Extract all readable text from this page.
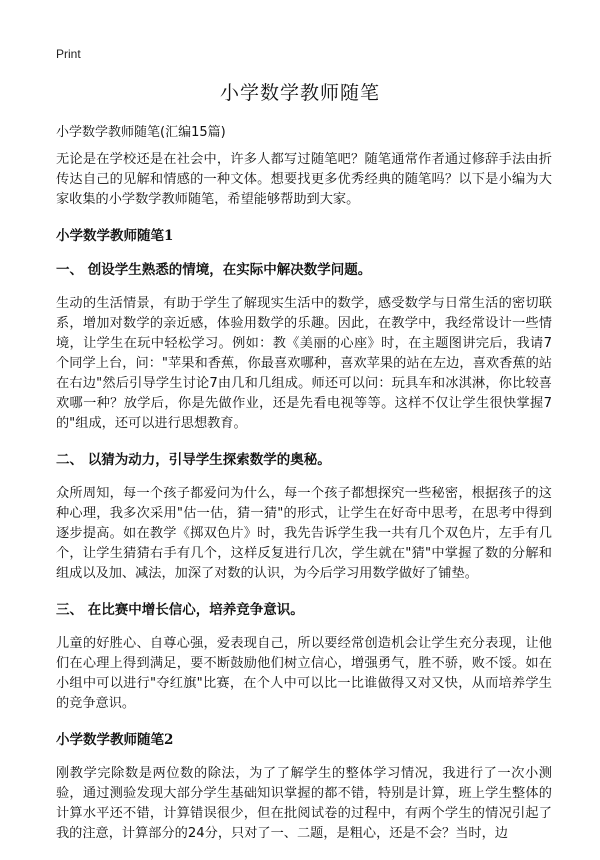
Print
小学数学教师随笔

小学数学教师随笔(汇编15篇)

无论是在学校还是在社会中，许多人都写过随笔吧？随笔通常作者通过修辞手法由折传达自己的见解和情感的一种文体。想要找更多优秀经典的随笔吗？以下是小编为大家收集的小学数学教师随笔，希望能够帮助到大家。

小学数学教师随笔1
一、 创设学生熟悉的情境，在实际中解决数学问题。

生动的生活情景，有助于学生了解现实生活中的数学，感受数学与日常生活的密切联系，增加对数学的亲近感，体验用数学的乐趣。因此，在教学中，我经常设计一些情境，让学生在玩中轻松学习。例如：教《美丽的心座》时，在主题图讲完后，我请7个同学上台，问："苹果和香蕉，你最喜欢哪种，喜欢苹果的站在左边，喜欢香蕉的站在右边"然后引导学生讨论7由几和几组成。师还可以问：玩具车和冰淇淋，你比较喜欢哪一种？放学后，你是先做作业，还是先看电视等等。这样不仅让学生很快掌握7的"组成，还可以进行思想教育。

二、 以猜为动力，引导学生探索数学的奥秘。

众所周知，每一个孩子都爱问为什么，每一个孩子都想探究一些秘密，根据孩子的这种心理，我多次采用"估一估，猜一猜"的形式，让学生在好奇中思考，在思考中得到逐步提高。如在教学《掷双色片》时，我先告诉学生我一共有几个双色片，左手有几个，让学生猜猜右手有几个，这样反复进行几次，学生就在"猜"中掌握了数的分解和组成以及加、减法，加深了对数的认识，为今后学习用数学做好了铺垫。

三、 在比赛中增长信心，培养竞争意识。

儿童的好胜心、自尊心强，爱表现自己，所以要经常创造机会让学生充分表现，让他们在心理上得到满足，要不断鼓励他们树立信心，增强勇气，胜不骄，败不馁。如在小组中可以进行"夺红旗"比赛，在个人中可以比一比谁做得又对又快，从而培养学生的竞争意识。

小学数学教师随笔2

刚教学完除数是两位数的除法，为了了解学生的整体学习情况，我进行了一次小测验，通过测验发现大部分学生基础知识掌握的都不错，特别是计算，班上学生整体的计算水平还不错，计算错误很少，但在批阅试卷的过程中，有两个学生的情况引起了我的注意，计算部分的24分，只对了一、二题，是粗心，还是不会？当时，边
